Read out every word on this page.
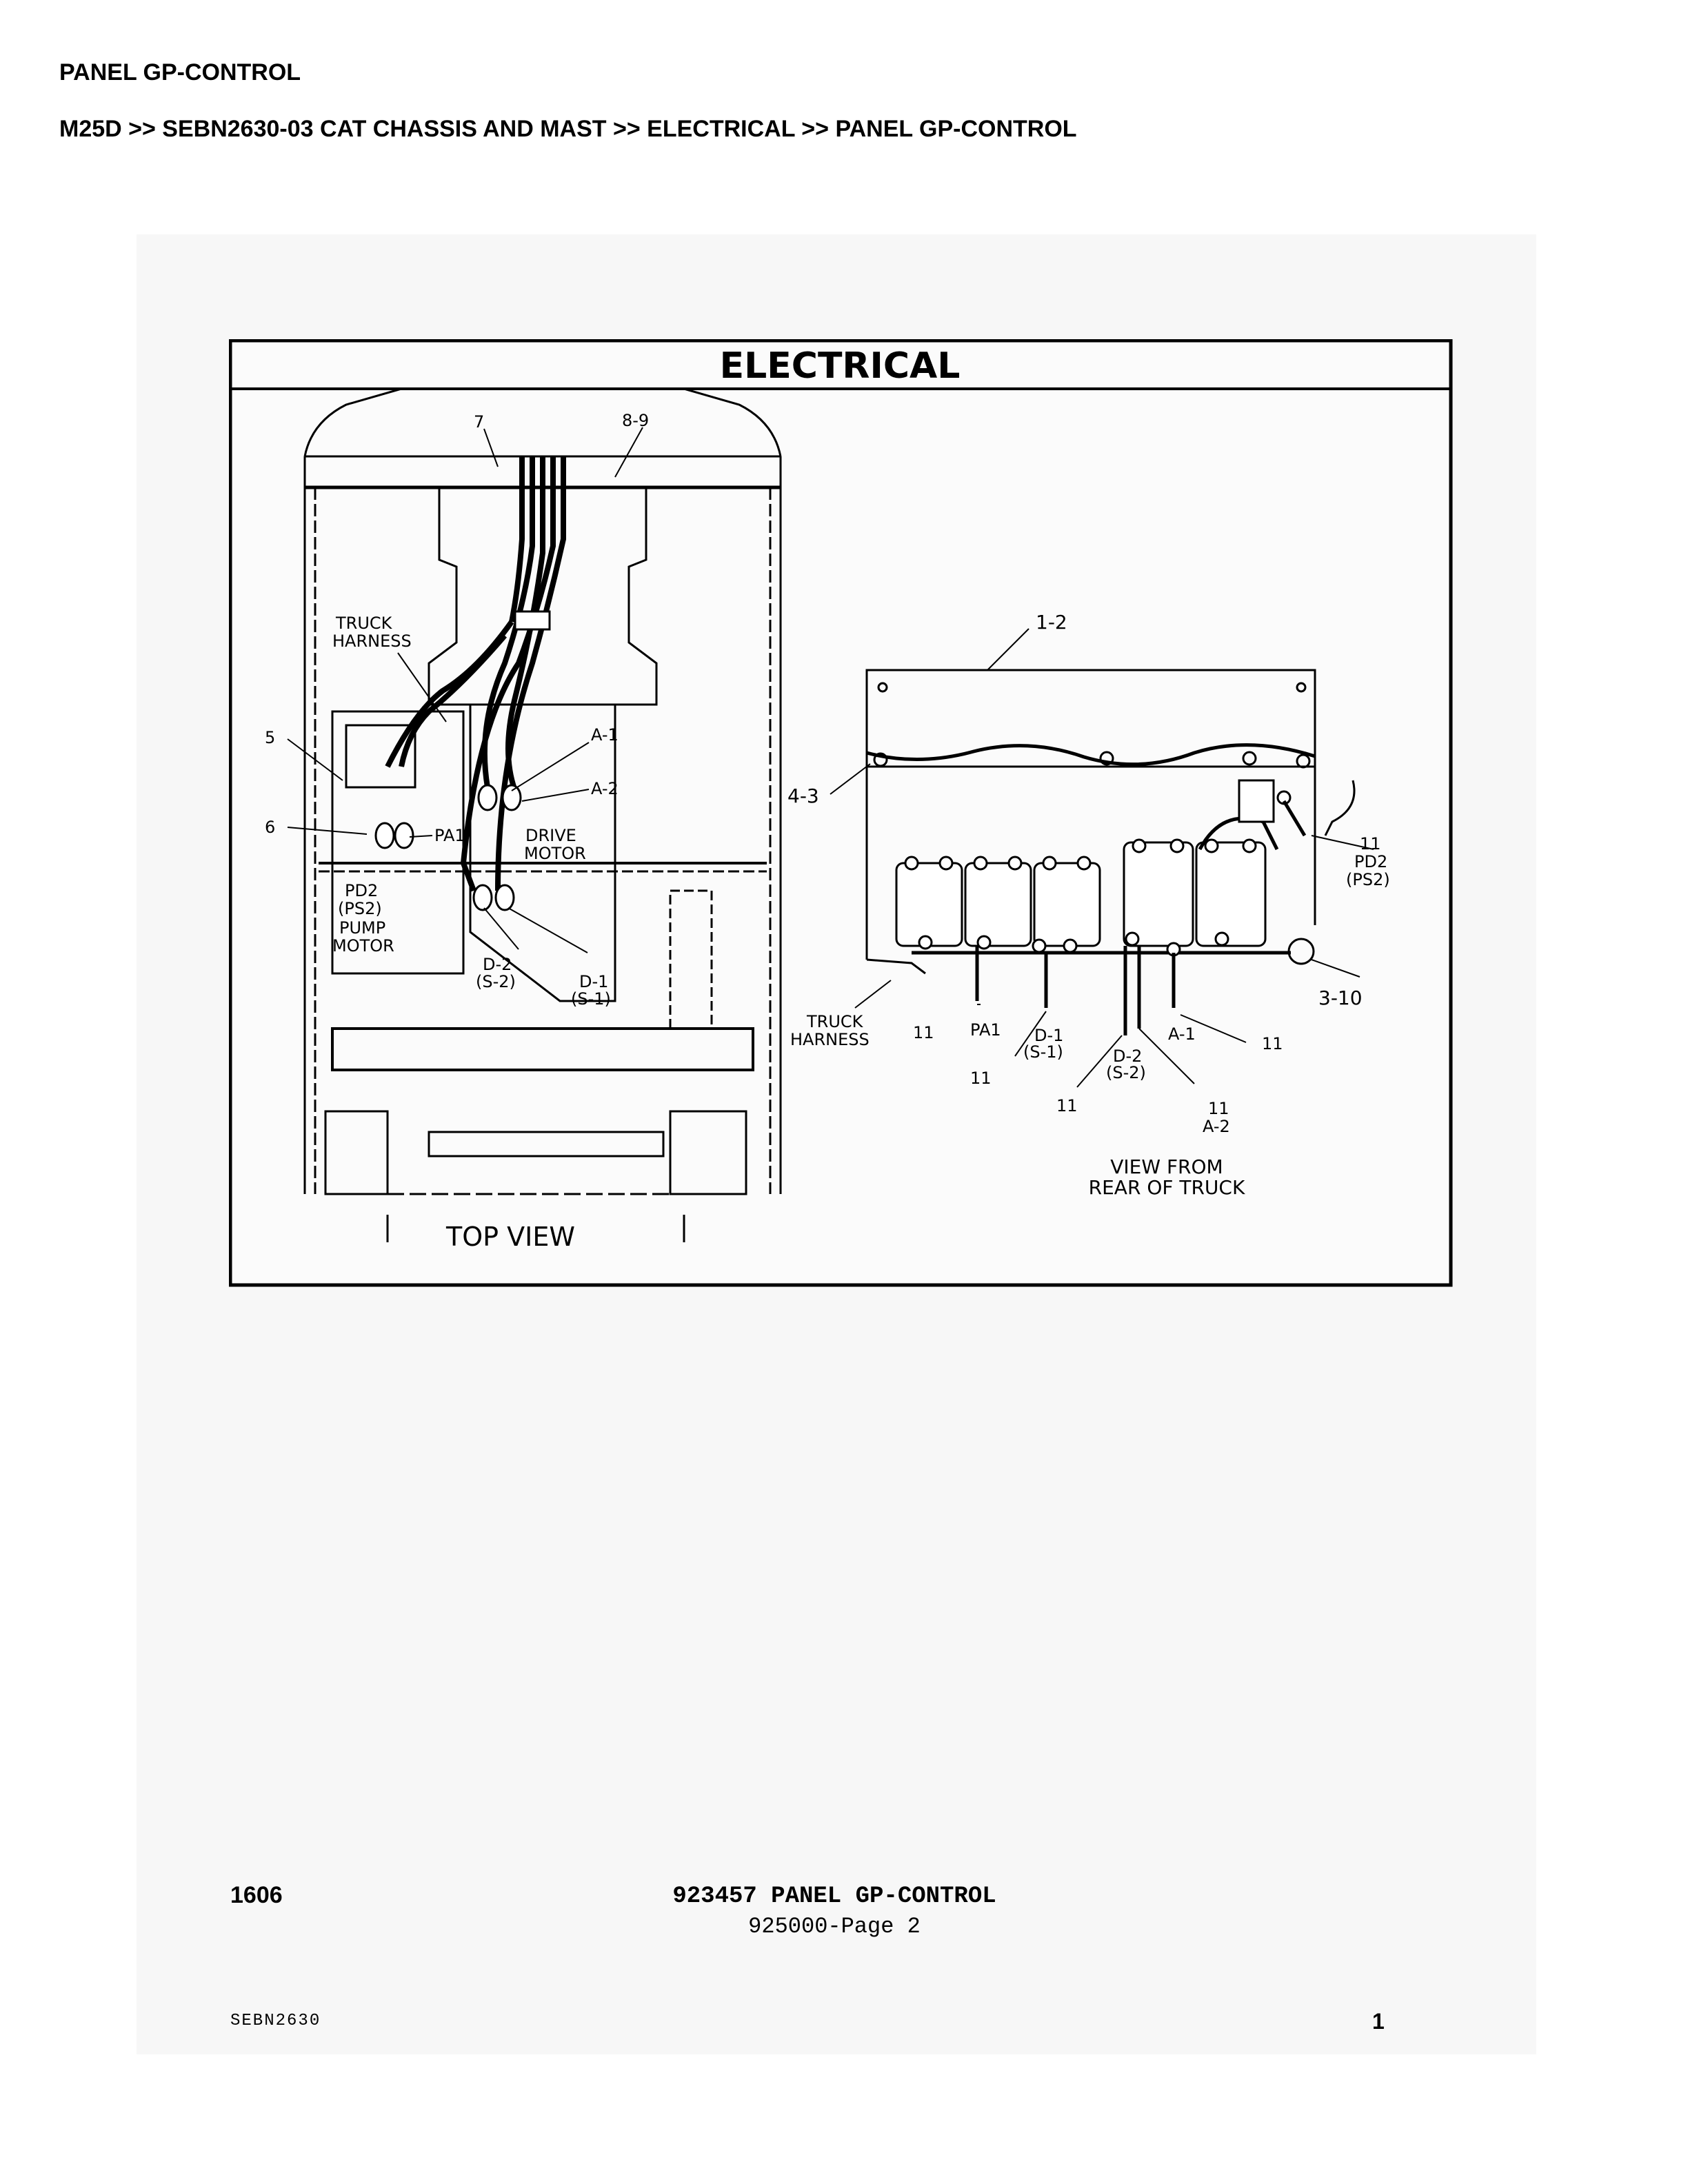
PANEL GP-CONTROL
M25D >> SEBN2630-03 CAT CHASSIS AND MAST >> ELECTRICAL >> PANEL GP-CONTROL
ELECTRICAL
7	8-9
TRUCK
HARNESS
5
6	PA1
A-1
A-2
DRIVE
MOTOR
PD2
(PS2)
PUMP
MOTOR
D-2
(S-2)	D-1
(S-1)
TOP VIEW
1-2
4-3
3-10
11
PD2
(PS2)
TRUCK
HARNESS	11 PA1
11
D-1
(S-1)
11
D-2
(S-2)
A-1	11
11
A-2
VIEW FROM
REAR OF TRUCK
1606	923457 PANEL GP-CONTROL
925000-Page 2
SEBN2630	1
